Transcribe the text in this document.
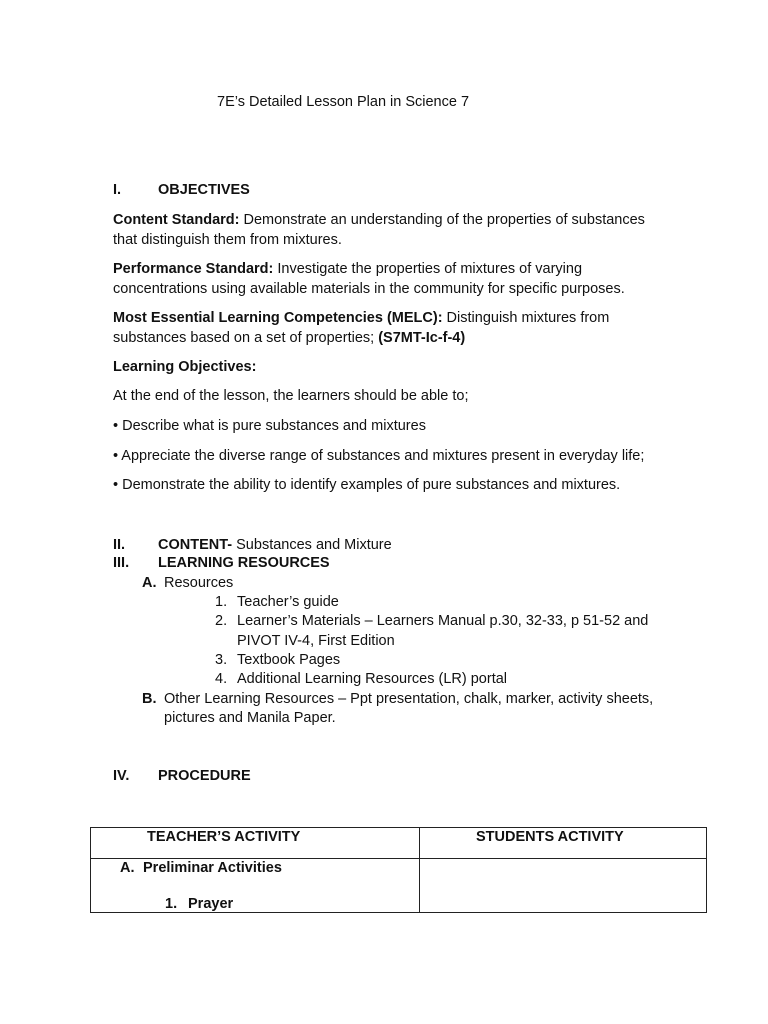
7E’s Detailed Lesson Plan in Science 7
I.	OBJECTIVES
Content Standard: Demonstrate an understanding of the properties of substances that distinguish them from mixtures.
Performance Standard: Investigate the properties of mixtures of varying concentrations using available materials in the community for specific purposes.
Most Essential Learning Competencies (MELC): Distinguish mixtures from substances based on a set of properties; (S7MT-Ic-f-4)
Learning Objectives:
At the end of the lesson, the learners should be able to;
• Describe what is pure substances and mixtures
• Appreciate the diverse range of substances and mixtures present in everyday life;
• Demonstrate the ability to identify examples of pure substances and mixtures.
II. CONTENT- Substances and Mixture
III. LEARNING RESOURCES
A. Resources
1. Teacher’s guide
2. Learner’s Materials – Learners Manual p.30, 32-33, p 51-52 and
PIVOT IV-4, First Edition
3. Textbook Pages
4. Additional Learning Resources (LR) portal
B. Other Learning Resources – Ppt presentation, chalk, marker, activity sheets,
pictures and Manila Paper.
IV. PROCEDURE
TEACHER’S ACTIVITY	STUDENTS ACTIVITY

A. Preliminar Activities
1. Prayer	
